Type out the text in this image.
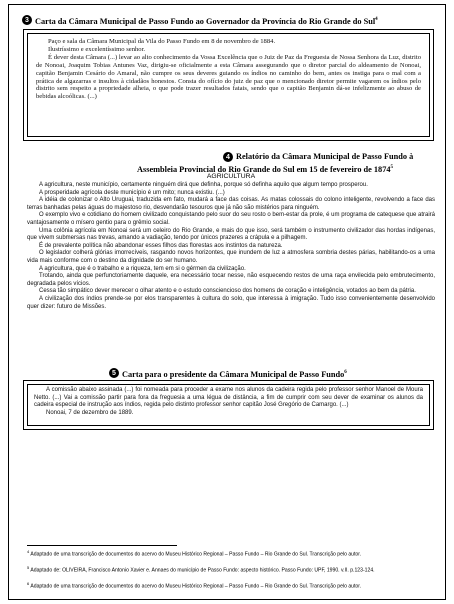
3 Carta da Câmara Municipal de Passo Fundo ao Governador da Província do Rio Grande do Sul$^4$

Paço e sala da Câmara Municipal da Vila do Passo Fundo em 8 de novembro de 1884.

Ilustríssimo e excelentíssimo senhor.

É dever desta Câmara (...) levar ao alto conhecimento da Vossa Excelência que o Juiz de Paz da Freguesia de Nossa Senhora da Luz, distrito de Nonoai, Joaquim Tobias Antunes Vaz, dirigiu-se oficialmente a esta Câmara assegurando que o diretor parcial do aldeamento de Nonoai, capitão Benjamin Cesário do Amaral, não cumpre os seus deveres guiando os índios no caminho do bem, antes os instiga para o mal com a prática de algazarras e insultos à cidadãos honestos. Consta do ofício do juiz de paz que o mencionado diretor permite vagarem os índios pelo distrito sem respeito a propriedade alheia, o que pode trazer resultados fatais, sendo que o capitão Benjamin dá-se infelizmente ao abuso de bebidas alcoólicas. (...)

4 Relatório da Câmara Municipal de Passo Fundo à
Assembleia Provincial do Rio Grande do Sul em 15 de fevereiro de 1874$^5$
AGRICULTURA

A agricultura, neste município, certamente ninguém dirá que definha, porque só definha aquilo que algum tempo prosperou.

A prosperidade agrícola deste município é um mito; nunca existiu. (...)

A idéia de colonizar o Alto Uruguai, traduzida em fato, mudará a face das coisas. As matas colossais do colono inteligente, revolvendo a face das terras banhadas pelas águas do majestoso rio, desvendarão tesouros que já não são mistérios para ninguém.

O exemplo vivo e cotidiano do homem civilizado conquistando pelo suor do seu rosto o bem-estar da prole, é um programa de catequese que atrairá vantajosamente o mísero gentio para o grêmio social.

Uma colônia agrícola em Nonoai será um celeiro do Rio Grande, e mais do que isso, será também o instrumento civilizador das hordas indígenas, que vivem submersas nas trevas, amando a vadiação, tendo por únicos prazeres a crápula e a pilhagem.

É de prevalente política não abandonar esses filhos das florestas aos instintos da natureza.

O legislador colherá glórias imorrecíveis, rasgando novos horizontes, que inundem de luz a atmosfera sombria destes párias, habilitando-os a uma vida mais conforme com o destino da dignidade do ser humano.

A agricultura, que é o trabalho e a riqueza, tem em si o gérmen da civilização.

Trotando, ainda que perfunctoriamente daquele, era necessário tocar nesse, não esquecendo restos de uma raça envilecida pelo embrutecimento, degradada pelos vícios.

Cessa tão simpático dever merecer o olhar atento e o estudo consciencioso dos homens de coração e inteligência, votados ao bem da pátria.

A civilização dos índios prende-se por elos transparentes à cultura do solo, que interessa à imigração. Tudo isso convenientemente desenvolvido quer dizer: futuro de Missões.

5 Carta para o presidente da Câmara Municipal de Passo Fundo$^6$

A comissão abaixo assinada (...) foi nomeada para proceder a exame nos alunos da cadeira regida pelo professor senhor Manoel de Moura Netto. (...) Vai a comissão partir para fora da freguesia a uma légua de distância, a fim de cumprir com seu dever de examinar os alunos da cadeira especial de instrução aos índios, regida pelo distinto professor senhor capitão José Gregório de Camargo. (...)

Nonoai, 7 de dezembro de 1889.

$^4$ Adaptado de uma transcrição de documentos do acervo do Museu Histórico Regional – Passo Fundo – Rio Grande do Sul. Transcrição pelo autor.
$^5$ Adaptado de: OLIVEIRA, Francisco Antonio Xavier e. Annaes do município de Passo Fundo: aspecto histórico. Passo Fundo: UPF, 1990. v.II. p.123-124.
$^6$ Adaptado de uma transcrição de documentos do acervo do Museu Histórico Regional – Passo Fundo – Rio Grande do Sul. Transcrição pelo autor.
